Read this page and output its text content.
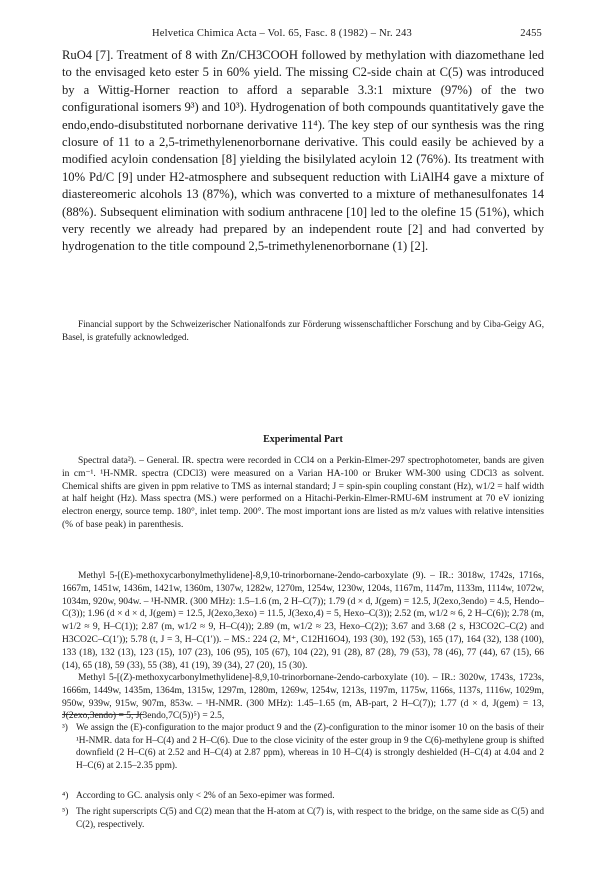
Helvetica Chimica Acta – Vol. 65, Fasc. 8 (1982) – Nr. 243	2455

RuO4 [7]. Treatment of 8 with Zn/CH3COOH followed by methylation with diazomethane led to the envisaged keto ester 5 in 60% yield. The missing C2-side chain at C(5) was introduced by a Wittig-Horner reaction to afford a separable 3.3:1 mixture (97%) of the two configurational isomers 9³) and 10³). Hydrogenation of both compounds quantitatively gave the endo,endo-disubstituted norbornane derivative 11⁴). The key step of our synthesis was the ring closure of 11 to a 2,5-trimethylenenorbornane derivative. This could easily be achieved by a modified acyloin condensation [8] yielding the bisilylated acyloin 12 (76%). Its treatment with 10% Pd/C [9] under H2-atmosphere and subsequent reduction with LiAlH4 gave a mixture of diastereomeric alcohols 13 (87%), which was converted to a mixture of methanesulfonates 14 (88%). Subsequent elimination with sodium anthracene [10] led to the olefine 15 (51%), which very recently we already had prepared by an independent route [2] and had converted by hydrogenation to the title compound 2,5-trimethylenenorbornane (1) [2].

Financial support by the Schweizerischer Nationalfonds zur Förderung wissenschaftlicher Forschung and by Ciba-Geigy AG, Basel, is gratefully acknowledged.

Experimental Part

Spectral data²). – General. IR. spectra were recorded in CCl4 on a Perkin-Elmer-297 spectrophotometer, bands are given in cm⁻¹. ¹H-NMR. spectra (CDCl3) were measured on a Varian HA-100 or Bruker WM-300 using CDCl3 as solvent. Chemical shifts are given in ppm relative to TMS as internal standard; J = spin-spin coupling constant (Hz), w1/2 = half width at half height (Hz). Mass spectra (MS.) were performed on a Hitachi-Perkin-Elmer-RMU-6M instrument at 70 eV ionizing electron energy, source temp. 180°, inlet temp. 200°. The most important ions are listed as m/z values with relative intensities (% of base peak) in parenthesis.

Methyl 5-[(E)-methoxycarbonylmethylidene]-8,9,10-trinorbornane-2endo-carboxylate (9). – IR.: 3018w, 1742s, 1716s, 1667m, 1451w, 1436m, 1421w, 1360m, 1307w, 1282w, 1270m, 1254w, 1230w, 1204s, 1167m, 1147m, 1133m, 1114w, 1072w, 1034m, 920w, 904w. – ¹H-NMR. (300 MHz): 1.5–1.6 (m, 2 H–C(7)); 1.79 (d × d, J(gem) = 12.5, J(2exo,3endo) = 4.5, Hendo–C(3)); 1.96 (d × d × d, J(gem) = 12.5, J(2exo,3exo) = 11.5, J(3exo,4) = 5, Hexo–C(3)); 2.52 (m, w1/2 ≈ 6, 2 H–C(6)); 2.78 (m, w1/2 ≈ 9, H–C(1)); 2.87 (m, w1/2 ≈ 9, H–C(4)); 2.89 (m, w1/2 ≈ 23, Hexo–C(2)); 3.67 and 3.68 (2 s, H3CO2C–C(2) and H3CO2C–C(1′)); 5.78 (t, J = 3, H–C(1′)). – MS.: 224 (2, M⁺, C12H16O4), 193 (30), 192 (53), 165 (17), 164 (32), 138 (100), 133 (18), 132 (13), 123 (15), 107 (23), 106 (95), 105 (67), 104 (22), 91 (28), 87 (28), 79 (53), 78 (46), 77 (44), 67 (15), 66 (14), 65 (18), 59 (33), 55 (38), 41 (19), 39 (34), 27 (20), 15 (30).

Methyl 5-[(Z)-methoxycarbonylmethylidene]-8,9,10-trinorbornane-2endo-carboxylate (10). – IR.: 3020w, 1743s, 1723s, 1666m, 1449w, 1435m, 1364m, 1315w, 1297m, 1280m, 1269w, 1254w, 1213s, 1197m, 1175w, 1166s, 1137s, 1116w, 1029m, 950w, 939w, 915w, 907m, 853w. – ¹H-NMR. (300 MHz): 1.45–1.65 (m, AB-part, 2 H–C(7)); 1.77 (d × d, J(gem) = 13, J(2exo,3endo) = 5, J(3endo,7C(5))⁵) = 2.5,

³) We assign the (E)-configuration to the major product 9 and the (Z)-configuration to the minor isomer 10 on the basis of their ¹H-NMR. data for H–C(4) and 2 H–C(6). Due to the close vicinity of the ester group in 9 the C(6)-methylene group is shifted downfield (2 H–C(6) at 2.52 and H–C(4) at 2.87 ppm), whereas in 10 H–C(4) is strongly deshielded (H–C(4) at 4.04 and 2 H–C(6) at 2.15–2.35 ppm).
⁴) According to GC. analysis only < 2% of an 5exo-epimer was formed.
⁵) The right superscripts C(5) and C(2) mean that the H-atom at C(7) is, with respect to the bridge, on the same side as C(5) and C(2), respectively.
